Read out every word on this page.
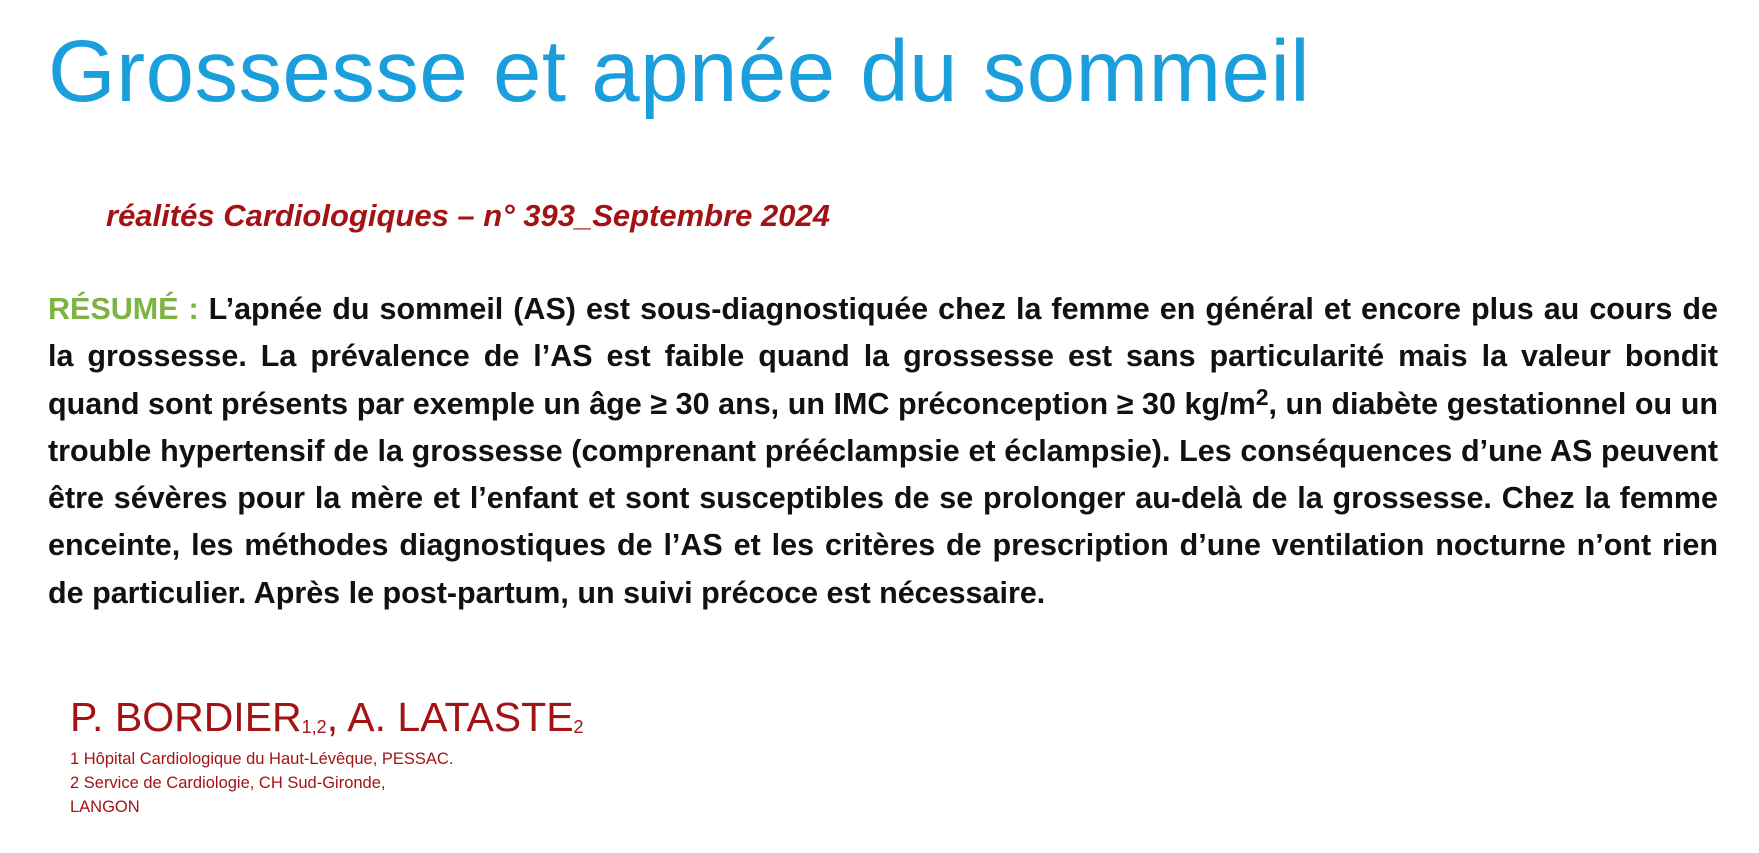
Grossesse et apnée du sommeil
réalités Cardiologiques – n° 393_Septembre 2024

RÉSUMÉ : L’apnée du sommeil (AS) est sous-diagnostiquée chez la femme en général et encore plus au cours de la grossesse. La prévalence de l’AS est faible quand la grossesse est sans particularité mais la valeur bondit quand sont présents par exemple un âge ≥ 30 ans, un IMC préconception ≥ 30 $kg/m^2$, un diabète gestationnel ou un trouble hypertensif de la grossesse (comprenant prééclampsie et éclampsie). Les conséquences d’une AS peuvent être sévères pour la mère et l’enfant et sont susceptibles de se prolonger au-delà de la grossesse. Chez la femme enceinte, les méthodes diagnostiques de l’AS et les critères de prescription d’une ventilation nocturne n’ont rien de particulier. Après le post-partum, un suivi précoce est nécessaire.

P. BORDIER1,2, A. LATASTE2
1 Hôpital Cardiologique du Haut-Lévêque, PESSAC.
2 Service de Cardiologie, CH Sud-Gironde,
LANGON
